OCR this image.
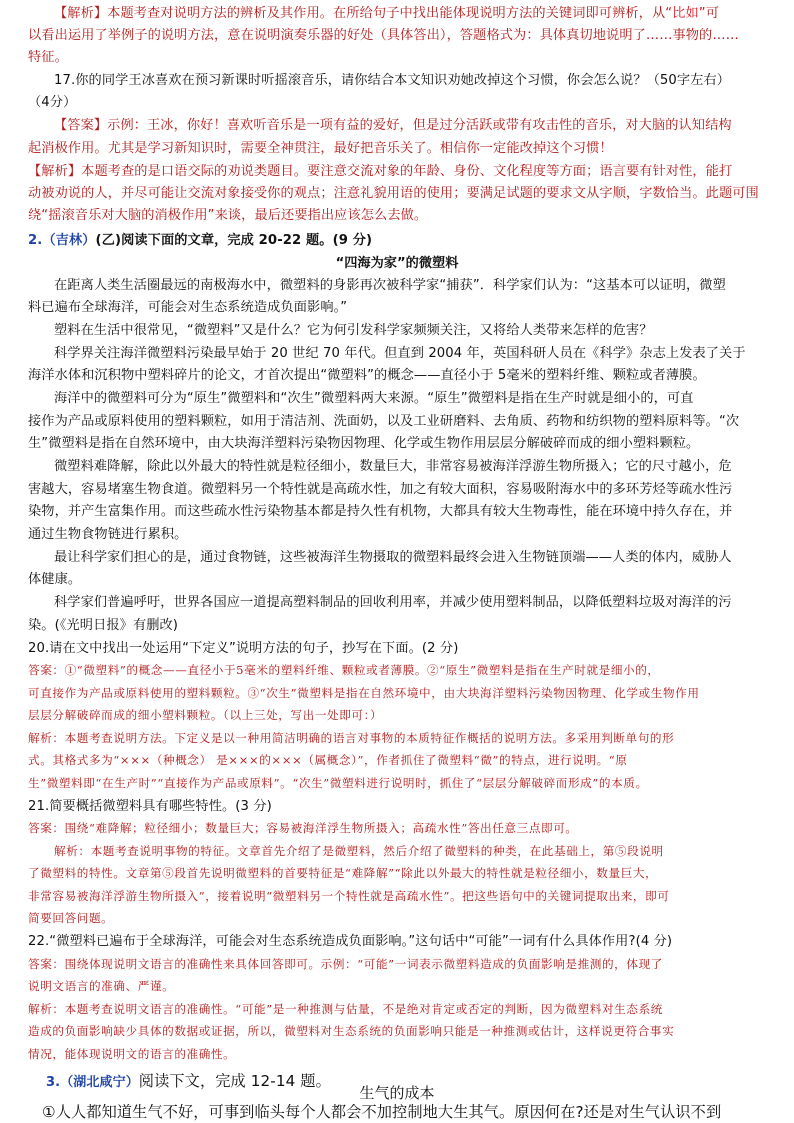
【解析】本题考查对说明方法的辨析及其作用。在所给句子中找出能体现说明方法的关键词即可辨析，从“比如”可
以看出运用了举例子的说明方法，意在说明演奏乐器的好处（具体答出），答题格式为：具体真切地说明了……事物的……
特征。
17.你的同学王冰喜欢在预习新课时听摇滚音乐，请你结合本文知识劝她改掉这个习惯，你会怎么说？（50字左右）
（4分）
【答案】示例：王冰，你好！喜欢听音乐是一项有益的爱好，但是过分活跃或带有攻击性的音乐，对大脑的认知结构
起消极作用。尤其是学习新知识时，需要全神贯注，最好把音乐关了。相信你一定能改掉这个习惯！
【解析】本题考查的是口语交际的劝说类题目。要注意交流对象的年龄、身份、文化程度等方面；语言要有针对性，能打
动被劝说的人，并尽可能让交流对象接受你的观点；注意礼貌用语的使用；要满足试题的要求文从字顺，字数恰当。此题可围
绕“摇滚音乐对大脑的消极作用”来谈，最后还要指出应该怎么去做。
2.（吉林）(乙)阅读下面的文章，完成 20-22 题。(9 分)
“四海为家”的微塑料
在距离人类生活圈最远的南极海水中，微塑料的身影再次被科学家“捕获”．科学家们认为：“这基本可以证明，微塑
料已遍布全球海洋，可能会对生态系统造成负面影响。”
塑料在生活中很常见，“微塑料”又是什么？它为何引发科学家频频关注，又将给人类带来怎样的危害？
科学界关注海洋微塑料污染最早始于 20 世纪 70 年代。但直到 2004 年，英国科研人员在《科学》杂志上发表了关于
海洋水体和沉积物中塑料碎片的论文，才首次提出“微塑料”的概念——直径小于 5毫米的塑料纤维、颗粒或者薄膜。
海洋中的微塑料可分为“原生”微塑料和“次生”微塑料两大来源。“原生”微塑料是指在生产时就是细小的，可直
接作为产品或原料使用的塑料颗粒，如用于清洁剂、洗面奶，以及工业研磨料、去角质、药物和纺织物的塑料原料等。“次
生”微塑料是指在自然环境中，由大块海洋塑料污染物因物理、化学或生物作用层层分解破碎而成的细小塑料颗粒。
微塑料难降解，除此以外最大的特性就是粒径细小，数量巨大，非常容易被海洋浮游生物所摄入；它的尺寸越小，危
害越大，容易堵塞生物食道。微塑料另一个特性就是高疏水性，加之有较大面积，容易吸附海水中的多环芳烃等疏水性污
染物，并产生富集作用。而这些疏水性污染物基本都是持久性有机物，大都具有较大生物毒性，能在环境中持久存在，并
通过生物食物链进行累积。
最让科学家们担心的是，通过食物链，这些被海洋生物摄取的微塑料最终会进入生物链顶端——人类的体内，威胁人
体健康。
科学家们普遍呼吁，世界各国应一道提高塑料制品的回收利用率，并减少使用塑料制品，以降低塑料垃圾对海洋的污
染。(《光明日报》有删改)
20.请在文中找出一处运用“下定义”说明方法的句子，抄写在下面。(2 分)
答案：①“微塑料”的概念——直径小于5毫米的塑料纤维、颗粒或者薄膜。②“原生”微塑料是指在生产时就是细小的，
可直接作为产品或原料使用的塑料颗粒。③“次生”微塑料是指在自然环境中，由大块海洋塑料污染物因物理、化学或生物作用
层层分解破碎而成的细小塑料颗粒。（以上三处，写出一处即可：）
解析：本题考查说明方法。下定义是以一种用简洁明确的语言对事物的本质特征作概括的说明方法。多采用判断单句的形
式。其格式多为“×××（种概念） 是×××的×××（属概念）”，作者抓住了微塑料“微”的特点，进行说明。“原
生”微塑料即“在生产时”“直接作为产品或原料”。“次生”微塑料进行说明时，抓住了“层层分解破碎而形成”的本质。
21.简要概括微塑料具有哪些特性。(3 分)
答案：围绕“难降解；粒径细小；数量巨大；容易被海洋浮生物所摄入；高疏水性”答出任意三点即可。
解析：本题考查说明事物的特征。文章首先介绍了是微塑料，然后介绍了微塑料的种类，在此基础上，第⑤段说明
了微塑料的特性。文章第⑤段首先说明微塑料的首要特征是“难降解”“除此以外最大的特性就是粒径细小，数量巨大，
非常容易被海洋浮游生物所摄入”，接着说明“微塑料另一个特性就是高疏水性”。把这些语句中的关键词提取出来，即可
简要回答问题。
22.“微塑料已遍布于全球海洋，可能会对生态系统造成负面影响。”这句话中“可能”一词有什么具体作用?(4 分)
答案：围绕体现说明文语言的准确性来具体回答即可。示例：“可能”一词表示微塑料造成的负面影响是推测的，体现了
说明文语言的准确、严谨。
解析：本题考查说明文语言的准确性。“可能”是一种推测与估量，不是绝对肯定或否定的判断，因为微塑料对生态系统
造成的负面影响缺少具体的数据或证据，所以，微塑料对生态系统的负面影响只能是一种推测或估计，这样说更符合事实
情况，能体现说明文的语言的准确性。
3.（湖北咸宁）阅读下文，完成 12-14 题。
生气的成本
①人人都知道生气不好，可事到临头每个人都会不加控制地大生其气。原因何在?还是对生气认识不到
